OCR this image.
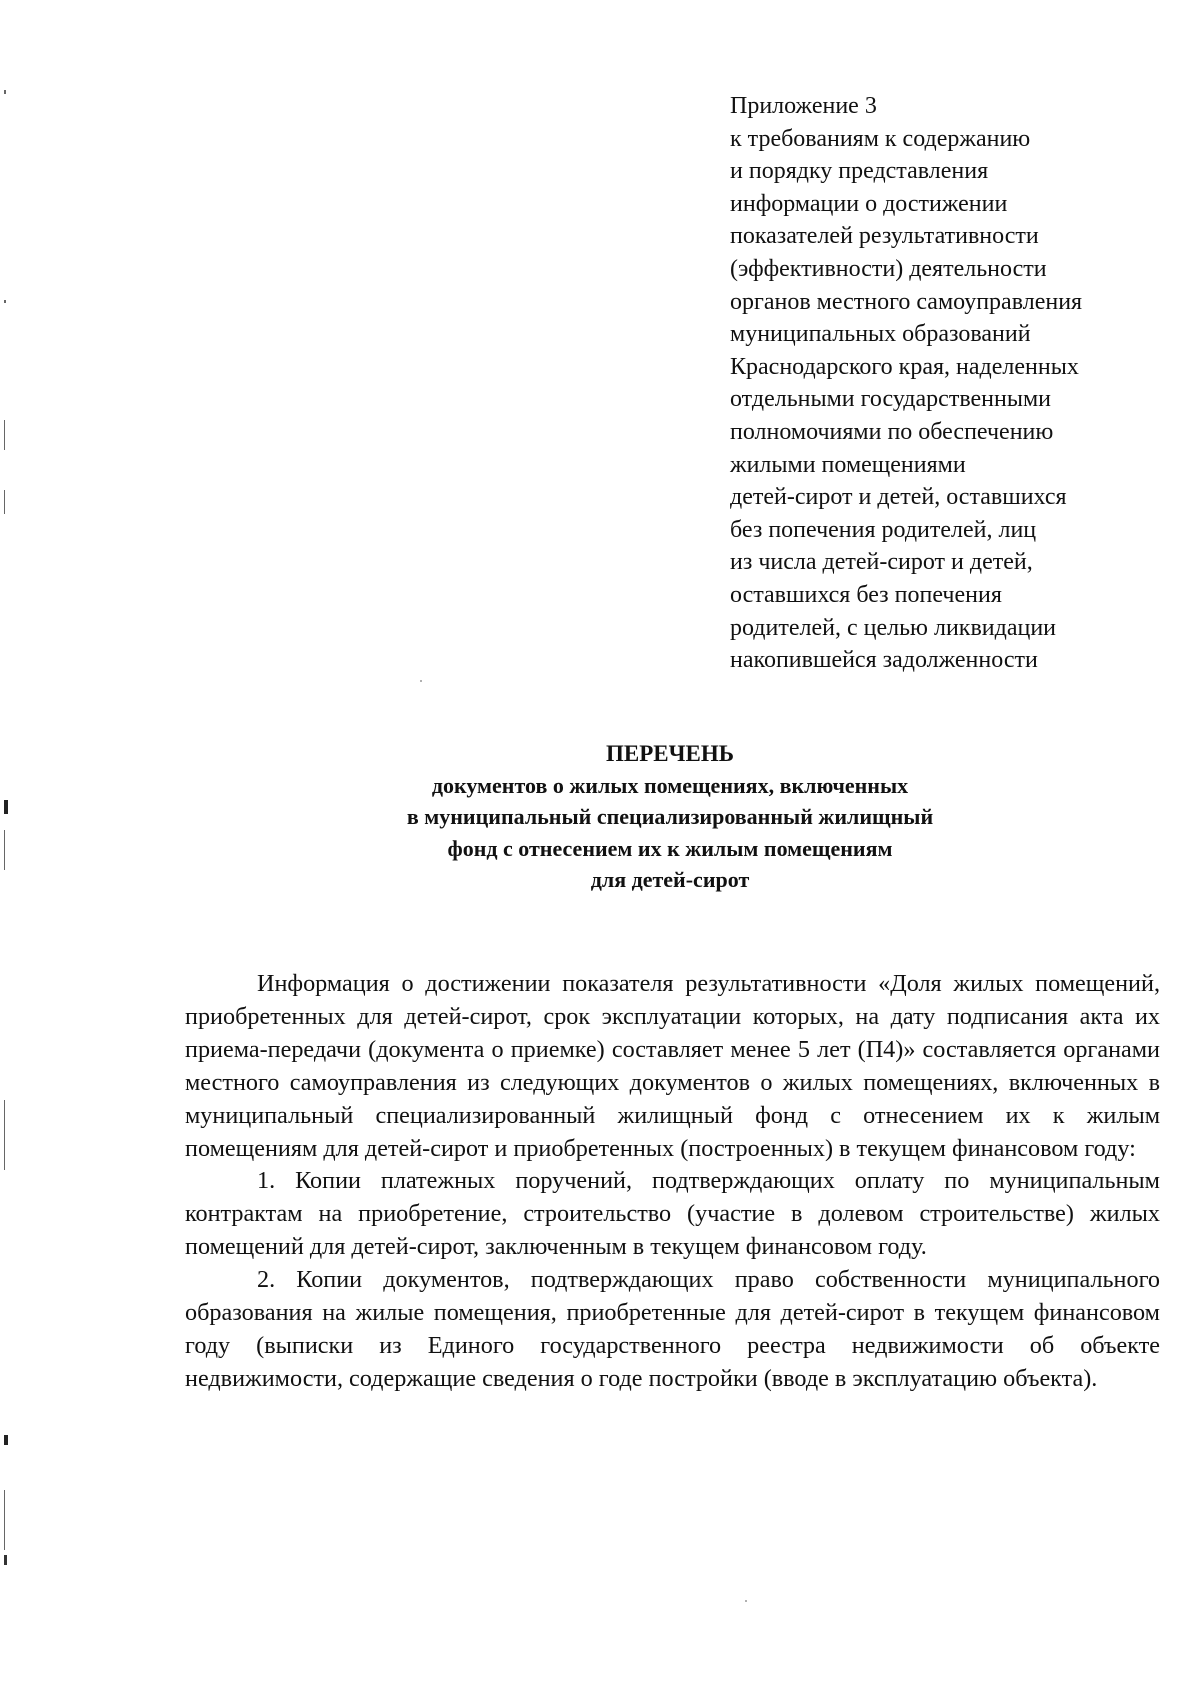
Приложение 3
к требованиям к содержанию
и порядку представления
информации о достижении
показателей результативности
(эффективности) деятельности
органов местного самоуправления
муниципальных образований
Краснодарского края, наделенных
отдельными государственными
полномочиями по обеспечению
жилыми помещениями
детей-сирот и детей, оставшихся
без попечения родителей, лиц
из числа детей-сирот и детей,
оставшихся без попечения
родителей, с целью ликвидации
накопившейся задолженности
ПЕРЕЧЕНЬ
документов о жилых помещениях, включенных
в муниципальный специализированный жилищный
фонд с отнесением их к жилым помещениям
для детей-сирот

Информация о достижении показателя результативности «Доля жилых помещений, приобретенных для детей-сирот, срок эксплуатации которых, на дату подписания акта их приема-передачи (документа о приемке) составляет менее 5 лет (П4)» составляется органами местного самоуправления из следующих документов о жилых помещениях, включенных в муниципальный специализированный жилищный фонд с отнесением их к жилым помещениям для детей-сирот и приобретенных (построенных) в текущем финансовом году:

1. Копии платежных поручений, подтверждающих оплату по муниципальным контрактам на приобретение, строительство (участие в долевом строительстве) жилых помещений для детей-сирот, заключенным в текущем финансовом году.

2. Копии документов, подтверждающих право собственности муниципального образования на жилые помещения, приобретенные для детей-сирот в текущем финансовом году (выписки из Единого государственного реестра недвижимости об объекте недвижимости, содержащие сведения о годе постройки (вводе в эксплуатацию объекта).
